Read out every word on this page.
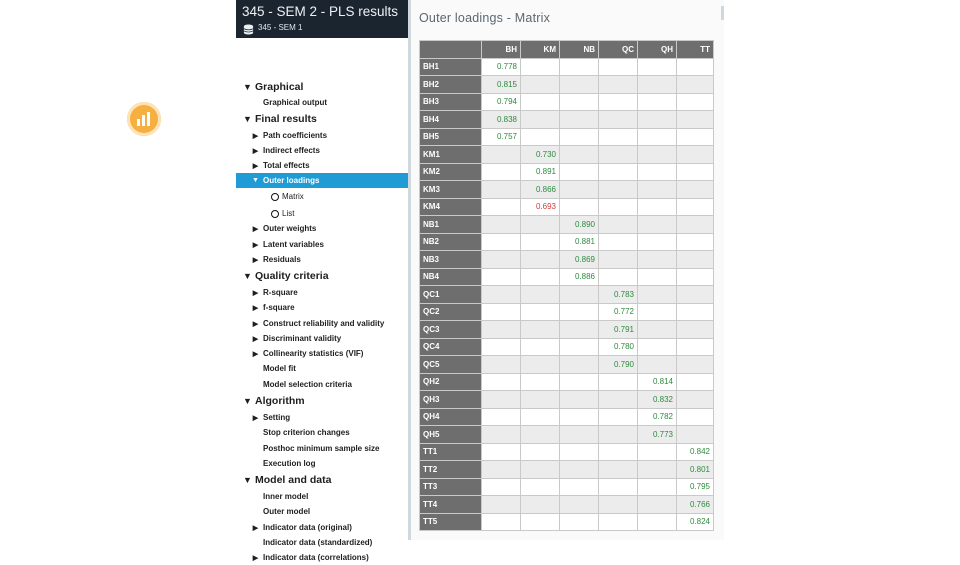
345 - SEM 2 - PLS results
345 - SEM 1
▼ Graphical
Graphical output
▼ Final results
▶ Path coefficients
▶ Indirect effects
▶ Total effects
▼ Outer loadings
Matrix
List
▶ Outer weights
▶ Latent variables
▶ Residuals
▼ Quality criteria
▶ R-square
▶ f-square
▶ Construct reliability and validity
▶ Discriminant validity
▶ Collinearity statistics (VIF)
Model fit
Model selection criteria
▼ Algorithm
▶ Setting
Stop criterion changes
Posthoc minimum sample size
Execution log
▼ Model and data
Inner model
Outer model
▶ Indicator data (original)
Indicator data (standardized)
▶ Indicator data (correlations)
Outer loadings - Matrix
	BH	KM	NB	QC	QH	TT
BH1	0.778					
BH2	0.815					
BH3	0.794					
BH4	0.838					
BH5	0.757					
KM1		0.730				
KM2		0.891				
KM3		0.866				
KM4		0.693				
NB1			0.890			
NB2			0.881			
NB3			0.869			
NB4			0.886			
QC1				0.783		
QC2				0.772		
QC3				0.791		
QC4				0.780		
QC5				0.790		
QH2					0.814	
QH3					0.832	
QH4					0.782	
QH5					0.773	
TT1						0.842
TT2						0.801
TT3						0.795
TT4						0.766
TT5						0.824
